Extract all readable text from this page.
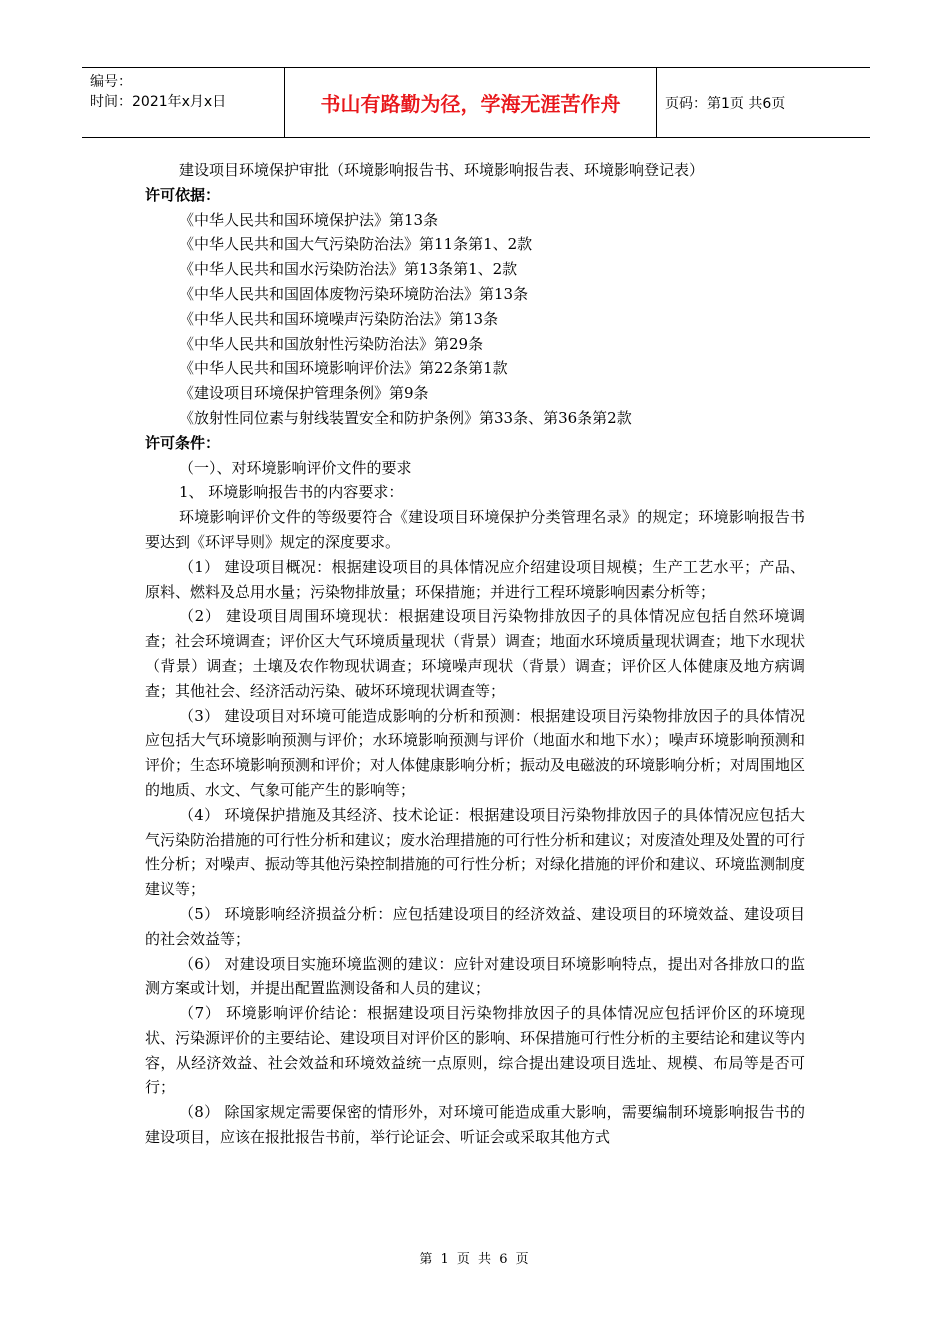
编号：
时间：2021年x月x日	书山有路勤为径，学海无涯苦作舟	页码：第1页 共6页

建设项目环境保护审批（环境影响报告书、环境影响报告表、环境影响登记表）

许可依据：

《中华人民共和国环境保护法》第13条

《中华人民共和国大气污染防治法》第11条第1、2款

《中华人民共和国水污染防治法》第13条第1、2款

《中华人民共和国固体废物污染环境防治法》第13条

《中华人民共和国环境噪声污染防治法》第13条

《中华人民共和国放射性污染防治法》第29条

《中华人民共和国环境影响评价法》第22条第1款

《建设项目环境保护管理条例》第9条

《放射性同位素与射线装置安全和防护条例》第33条、第36条第2款

许可条件：

（一）、对环境影响评价文件的要求

1、 环境影响报告书的内容要求：

环境影响评价文件的等级要符合《建设项目环境保护分类管理名录》的规定；环境影响报告书要达到《环评导则》规定的深度要求。

（1） 建设项目概况：根据建设项目的具体情况应介绍建设项目规模；生产工艺水平；产品、原料、燃料及总用水量；污染物排放量；环保措施；并进行工程环境影响因素分析等；

（2） 建设项目周围环境现状：根据建设项目污染物排放因子的具体情况应包括自然环境调查；社会环境调查；评价区大气环境质量现状（背景）调查；地面水环境质量现状调查；地下水现状（背景）调查；土壤及农作物现状调查；环境噪声现状（背景）调查；评价区人体健康及地方病调查；其他社会、经济活动污染、破坏环境现状调查等；

（3） 建设项目对环境可能造成影响的分析和预测：根据建设项目污染物排放因子的具体情况应包括大气环境影响预测与评价；水环境影响预测与评价（地面水和地下水）；噪声环境影响预测和评价；生态环境影响预测和评价；对人体健康影响分析；振动及电磁波的环境影响分析；对周围地区的地质、水文、气象可能产生的影响等；

（4） 环境保护措施及其经济、技术论证：根据建设项目污染物排放因子的具体情况应包括大气污染防治措施的可行性分析和建议；废水治理措施的可行性分析和建议；对废渣处理及处置的可行性分析；对噪声、振动等其他污染控制措施的可行性分析；对绿化措施的评价和建议、环境监测制度建议等；

（5） 环境影响经济损益分析：应包括建设项目的经济效益、建设项目的环境效益、建设项目的社会效益等；

（6） 对建设项目实施环境监测的建议：应针对建设项目环境影响特点，提出对各排放口的监测方案或计划，并提出配置监测设备和人员的建议；

（7） 环境影响评价结论：根据建设项目污染物排放因子的具体情况应包括评价区的环境现状、污染源评价的主要结论、建设项目对评价区的影响、环保措施可行性分析的主要结论和建议等内容，从经济效益、社会效益和环境效益统一点原则，综合提出建设项目选址、规模、布局等是否可行；

（8） 除国家规定需要保密的情形外，对环境可能造成重大影响，需要编制环境影响报告书的建设项目，应该在报批报告书前，举行论证会、听证会或采取其他方式

第 1 页 共 6 页
